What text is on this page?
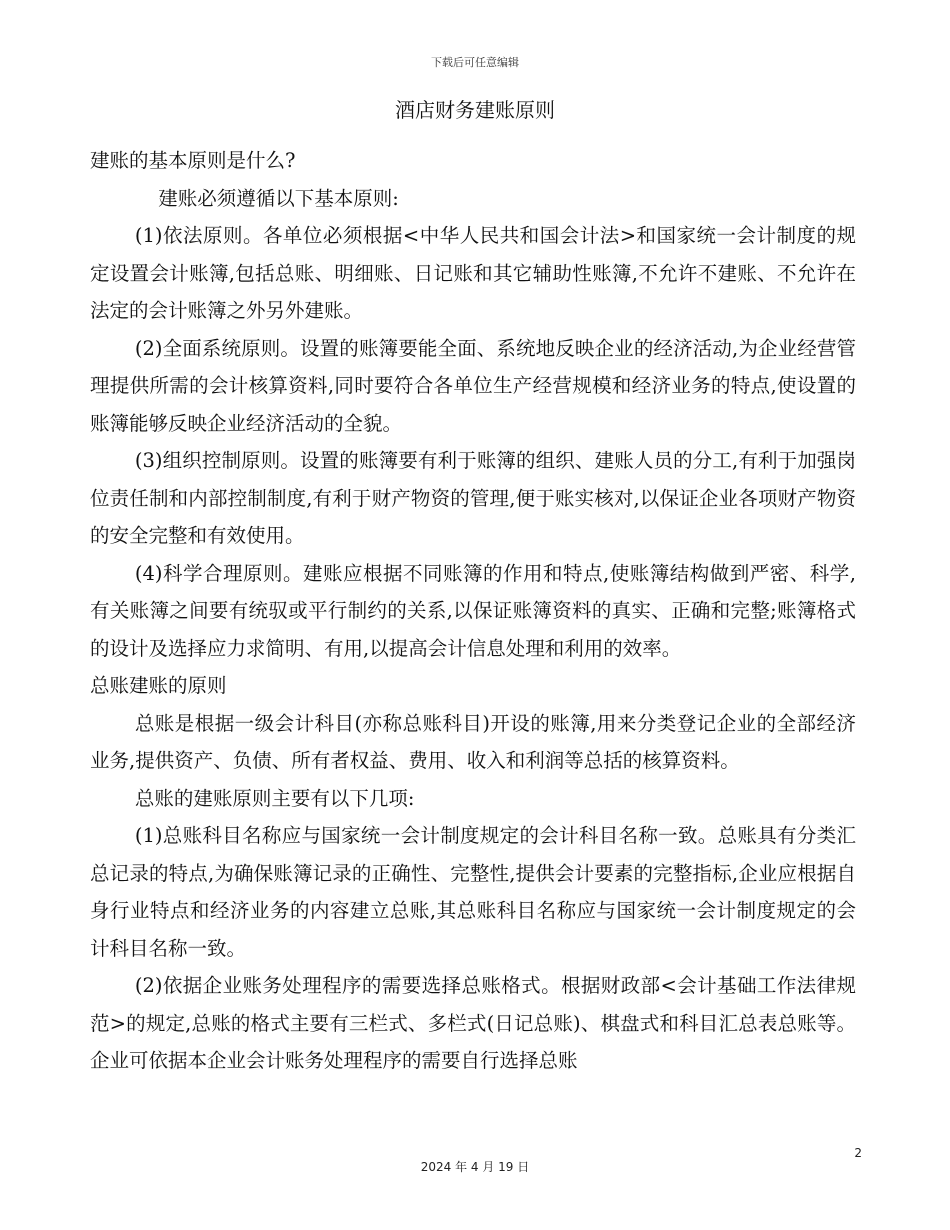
下载后可任意编辑
酒店财务建账原则

建账的基本原则是什么?

建账必须遵循以下基本原则:

(1)依法原则。各单位必须根据<中华人民共和国会计法>和国家统一会计制度的规定设置会计账簿,包括总账、明细账、日记账和其它辅助性账簿,不允许不建账、不允许在法定的会计账簿之外另外建账。

(2)全面系统原则。设置的账簿要能全面、系统地反映企业的经济活动,为企业经营管理提供所需的会计核算资料,同时要符合各单位生产经营规模和经济业务的特点,使设置的账簿能够反映企业经济活动的全貌。

(3)组织控制原则。设置的账簿要有利于账簿的组织、建账人员的分工,有利于加强岗位责任制和内部控制制度,有利于财产物资的管理,便于账实核对,以保证企业各项财产物资的安全完整和有效使用。

(4)科学合理原则。建账应根据不同账簿的作用和特点,使账簿结构做到严密、科学,有关账簿之间要有统驭或平行制约的关系,以保证账簿资料的真实、正确和完整;账簿格式的设计及选择应力求简明、有用,以提高会计信息处理和利用的效率。

总账建账的原则

总账是根据一级会计科目(亦称总账科目)开设的账簿,用来分类登记企业的全部经济业务,提供资产、负债、所有者权益、费用、收入和利润等总括的核算资料。

总账的建账原则主要有以下几项:

(1)总账科目名称应与国家统一会计制度规定的会计科目名称一致。总账具有分类汇总记录的特点,为确保账簿记录的正确性、完整性,提供会计要素的完整指标,企业应根据自身行业特点和经济业务的内容建立总账,其总账科目名称应与国家统一会计制度规定的会计科目名称一致。

(2)依据企业账务处理程序的需要选择总账格式。根据财政部<会计基础工作法律规范>的规定,总账的格式主要有三栏式、多栏式(日记总账)、棋盘式和科目汇总表总账等。企业可依据本企业会计账务处理程序的需要自行选择总账

2
2024 年 4 月 19 日
